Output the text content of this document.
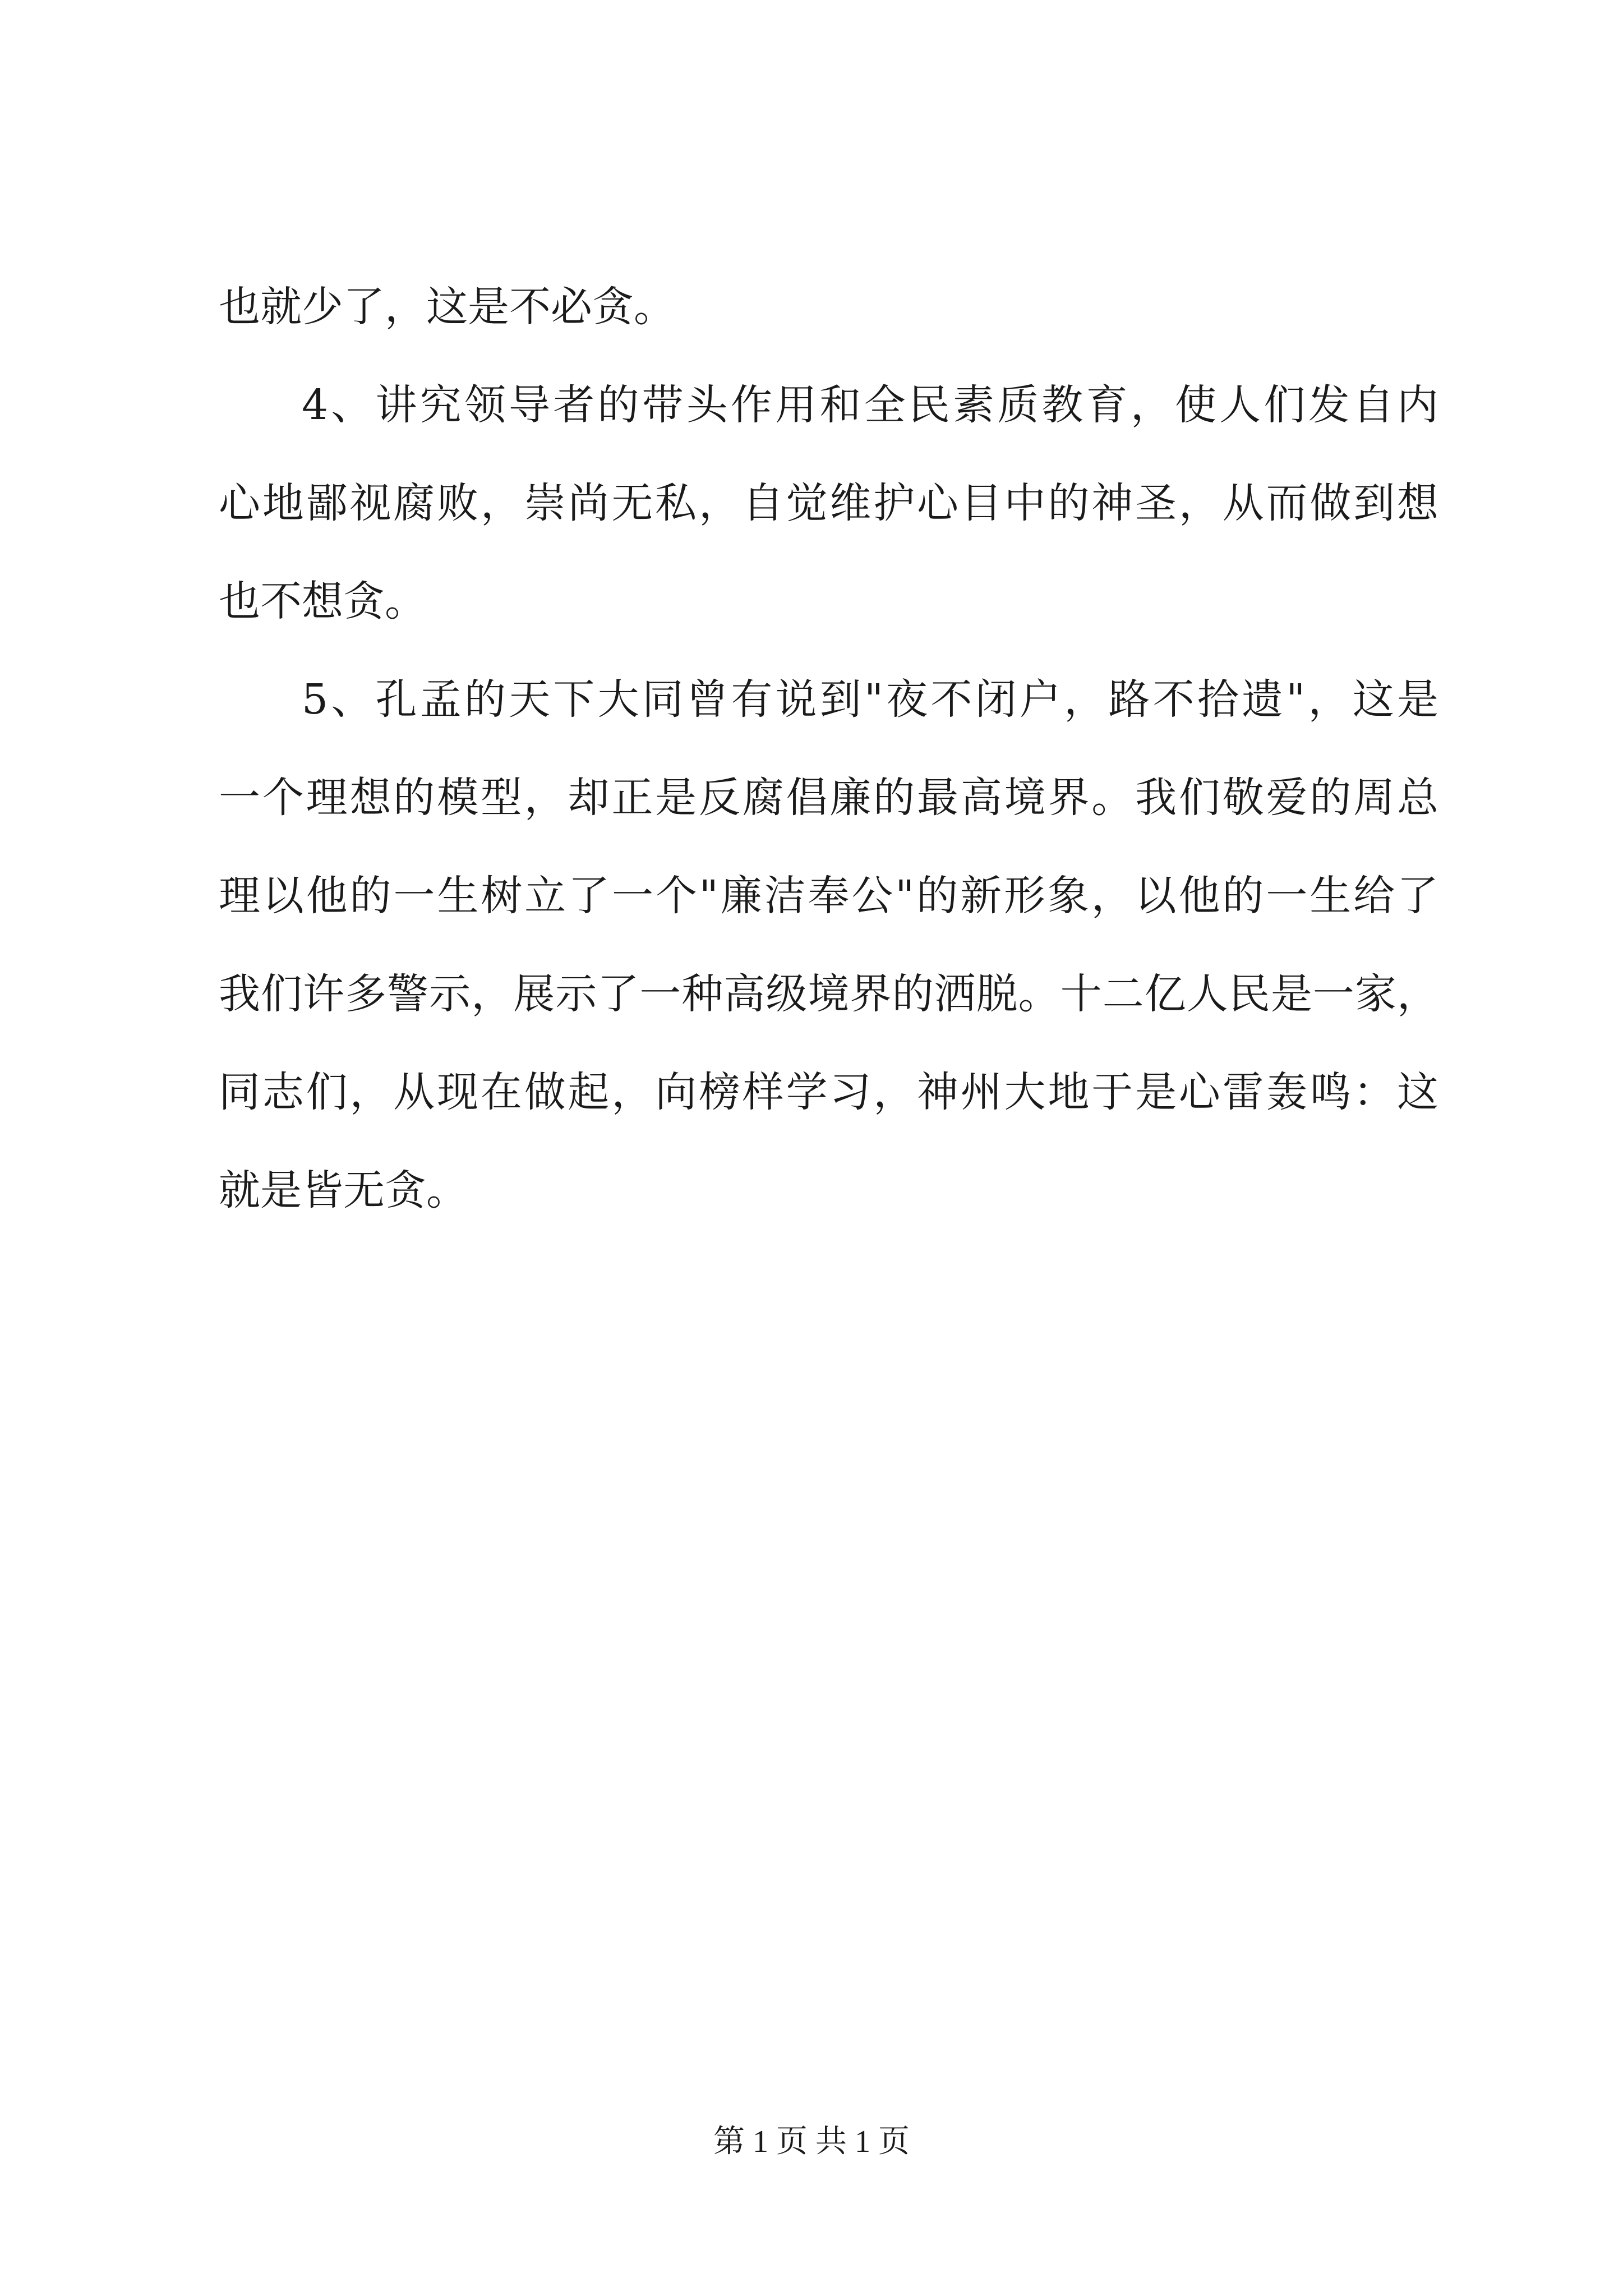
也就少了，这是不必贪。
4、讲究领导者的带头作用和全民素质教育，使人们发自内
心地鄙视腐败，崇尚无私，自觉维护心目中的神圣，从而做到想
也不想贪。
5、孔孟的天下大同曾有说到"夜不闭户，路不拾遗"，这是
一个理想的模型，却正是反腐倡廉的最高境界。我们敬爱的周总
理以他的一生树立了一个"廉洁奉公"的新形象，以他的一生给了
我们许多警示，展示了一种高级境界的洒脱。十二亿人民是一家，
同志们，从现在做起，向榜样学习，神州大地于是心雷轰鸣：这
就是皆无贪。
第 1 页 共 1 页
